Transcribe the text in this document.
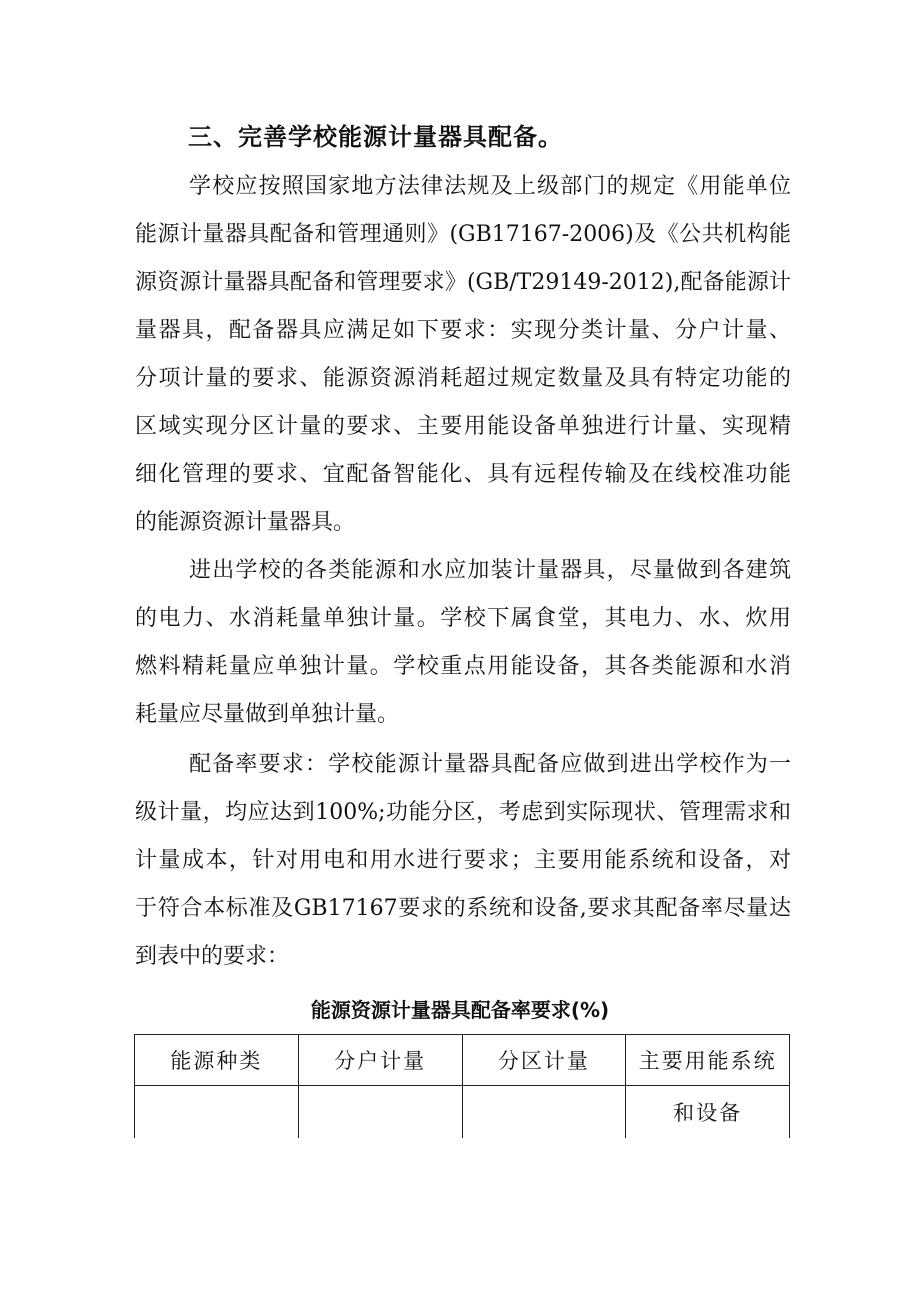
三、完善学校能源计量器具配备。
学校应按照国家地方法律法规及上级部门的规定《用能单位
能源计量器具配备和管理通则》(GB17167-2006)及《公共机构能
源资源计量器具配备和管理要求》(GB/T29149-2012),配备能源计
量器具，配备器具应满足如下要求：实现分类计量、分户计量、
分项计量的要求、能源资源消耗超过规定数量及具有特定功能的
区域实现分区计量的要求、主要用能设备单独进行计量、实现精
细化管理的要求、宜配备智能化、具有远程传输及在线校准功能
的能源资源计量器具。
进出学校的各类能源和水应加装计量器具，尽量做到各建筑
的电力、水消耗量单独计量。学校下属食堂，其电力、水、炊用
燃料精耗量应单独计量。学校重点用能设备，其各类能源和水消
耗量应尽量做到单独计量。
配备率要求：学校能源计量器具配备应做到进出学校作为一
级计量，均应达到100%;功能分区，考虑到实际现状、管理需求和
计量成本，针对用电和用水进行要求；主要用能系统和设备，对
于符合本标准及GB17167要求的系统和设备,要求其配备率尽量达
到表中的要求：
能源资源计量器具配备率要求(%)
能源种类	分户计量	分区计量	主要用能系统
			和设备
